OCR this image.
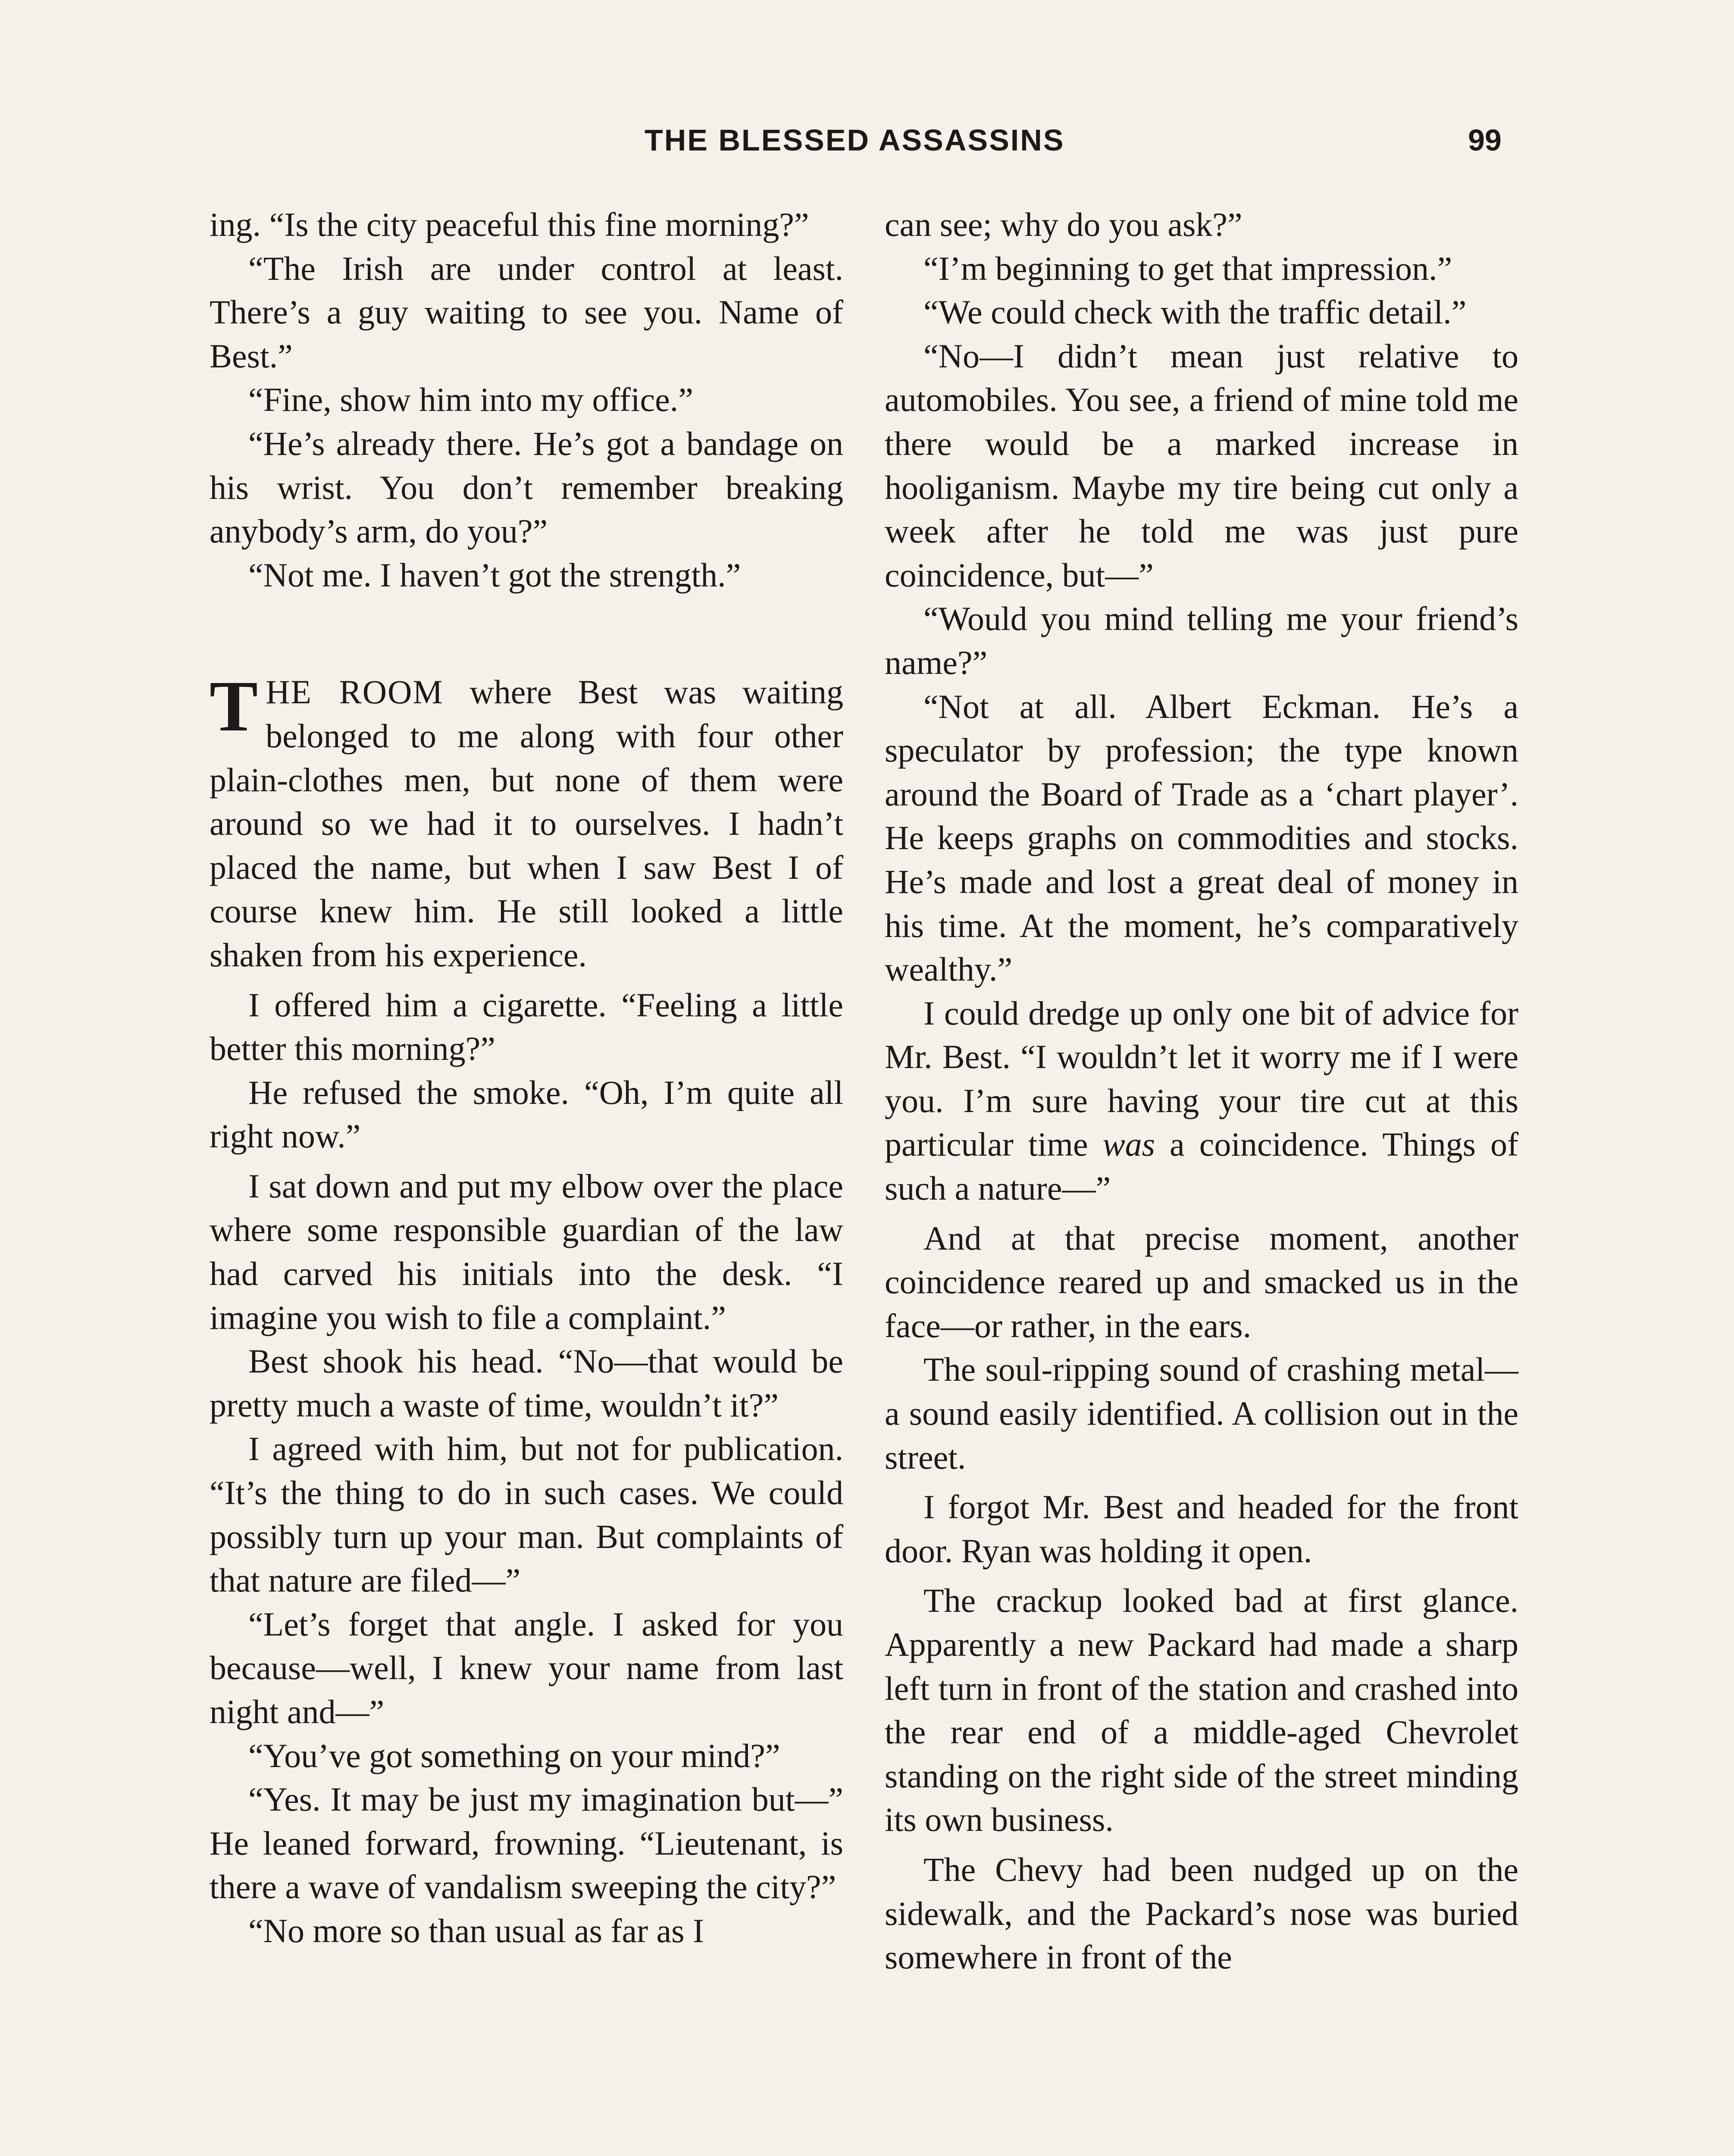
THE BLESSED ASSASSINS	99

ing. “Is the city peaceful this fine morning?”

“The Irish are under control at least. There’s a guy waiting to see you. Name of Best.”

“Fine, show him into my office.”

“He’s already there. He’s got a bandage on his wrist. You don’t remember breaking anybody’s arm, do you?”

“Not me. I haven’t got the strength.”

THE ROOM where Best was waiting belonged to me along with four other plain-clothes men, but none of them were around so we had it to ourselves. I hadn’t placed the name, but when I saw Best I of course knew him. He still looked a little shaken from his experience.

I offered him a cigarette. “Feeling a little better this morning?”

He refused the smoke. “Oh, I’m quite all right now.”

I sat down and put my elbow over the place where some responsible guardian of the law had carved his initials into the desk. “I imagine you wish to file a complaint.”

Best shook his head. “No—that would be pretty much a waste of time, wouldn’t it?”

I agreed with him, but not for publication. “It’s the thing to do in such cases. We could possibly turn up your man. But complaints of that nature are filed—”

“Let’s forget that angle. I asked for you because—well, I knew your name from last night and—”

“You’ve got something on your mind?”

“Yes. It may be just my imagination but—” He leaned forward, frowning. “Lieutenant, is there a wave of vandalism sweeping the city?”

“No more so than usual as far as I

can see; why do you ask?”

“I’m beginning to get that impression.”

“We could check with the traffic detail.”

“No—I didn’t mean just relative to automobiles. You see, a friend of mine told me there would be a marked increase in hooliganism. Maybe my tire being cut only a week after he told me was just pure coincidence, but—”

“Would you mind telling me your friend’s name?”

“Not at all. Albert Eckman. He’s a speculator by profession; the type known around the Board of Trade as a ‘chart player’. He keeps graphs on commodities and stocks. He’s made and lost a great deal of money in his time. At the moment, he’s comparatively wealthy.”

I could dredge up only one bit of advice for Mr. Best. “I wouldn’t let it worry me if I were you. I’m sure having your tire cut at this particular time was a coincidence. Things of such a nature—”

And at that precise moment, another coincidence reared up and smacked us in the face—or rather, in the ears.

The soul-ripping sound of crashing metal—a sound easily identified. A collision out in the street.

I forgot Mr. Best and headed for the front door. Ryan was holding it open.

The crackup looked bad at first glance. Apparently a new Packard had made a sharp left turn in front of the station and crashed into the rear end of a middle-aged Chevrolet standing on the right side of the street minding its own business.

The Chevy had been nudged up on the sidewalk, and the Packard’s nose was buried somewhere in front of the
